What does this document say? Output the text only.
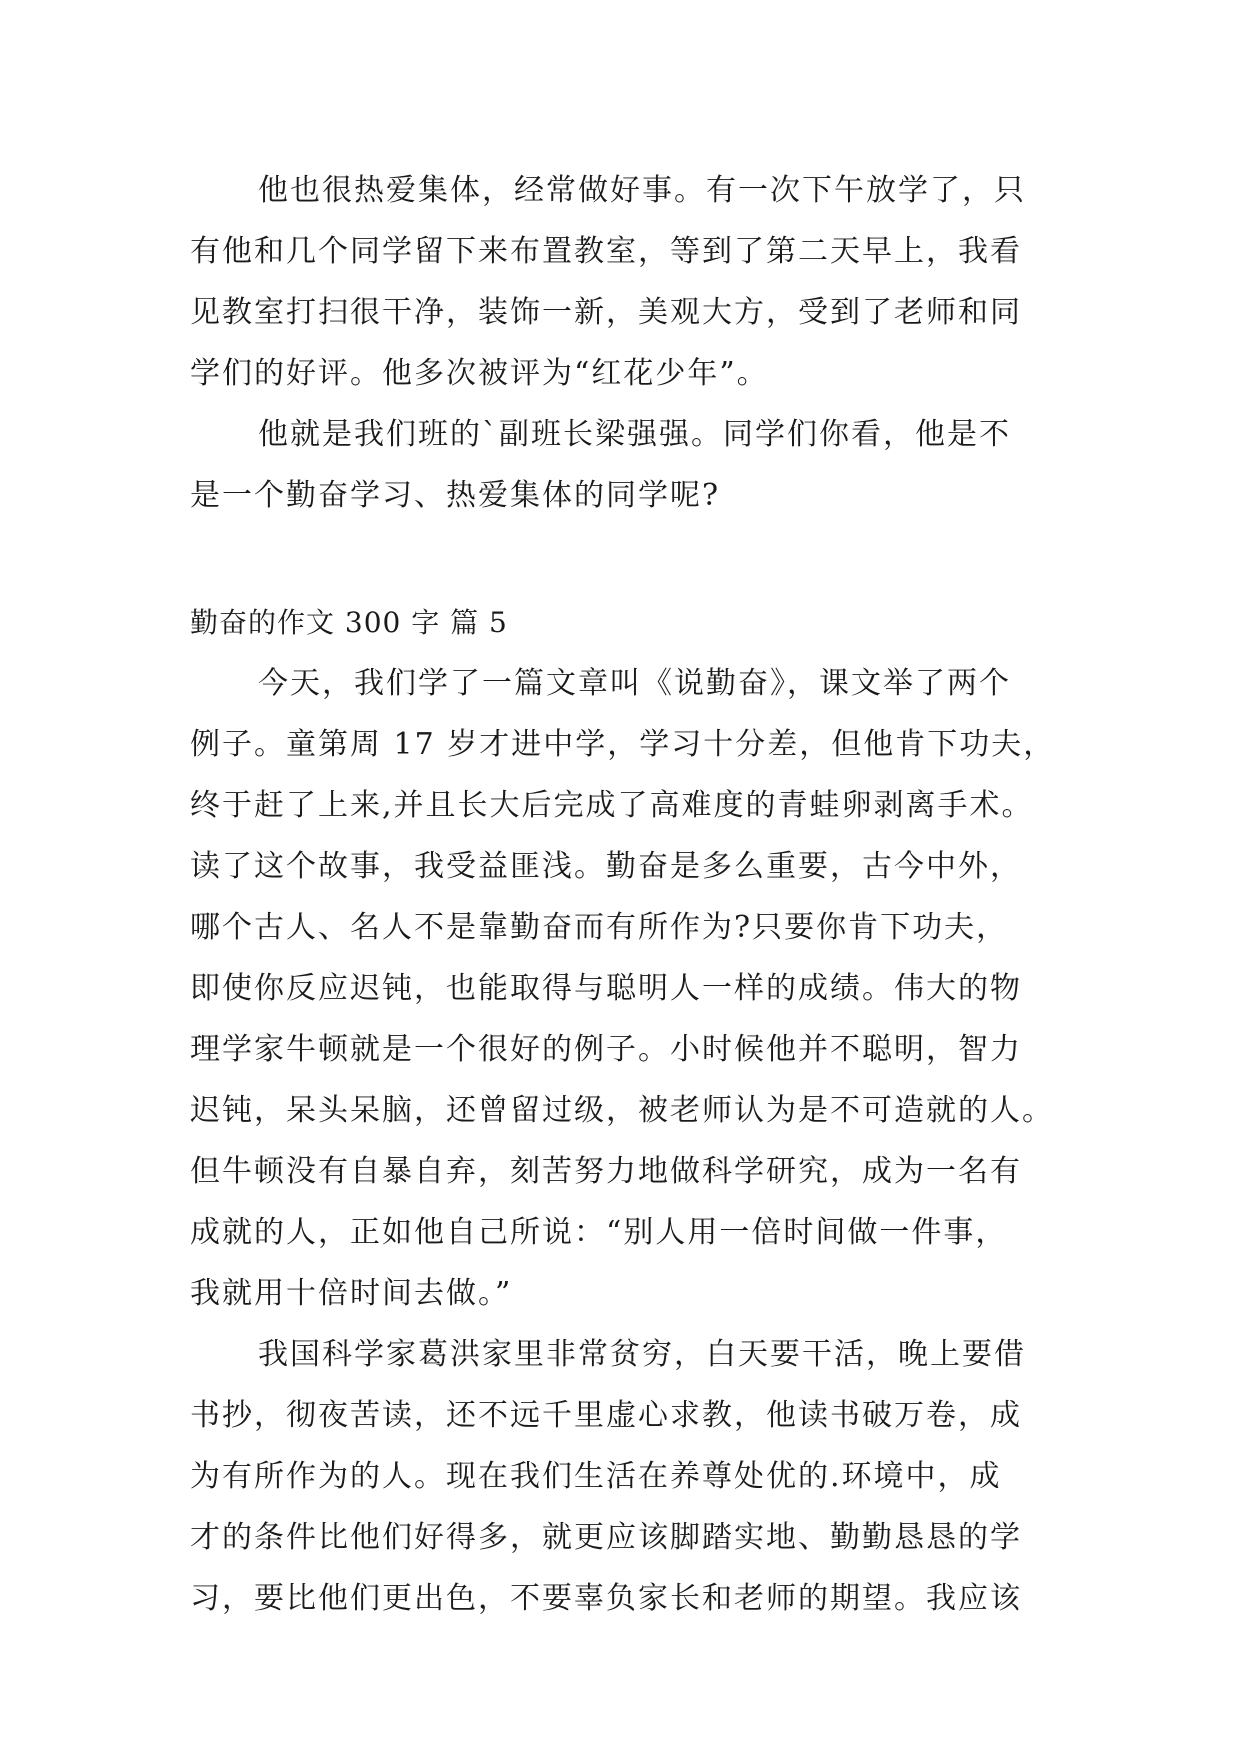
他也很热爱集体，经常做好事。有一次下午放学了，只
有他和几个同学留下来布置教室，等到了第二天早上，我看
见教室打扫很干净，装饰一新，美观大方，受到了老师和同
学们的好评。他多次被评为“红花少年”。
他就是我们班的`副班长梁强强。同学们你看，他是不
是一个勤奋学习、热爱集体的同学呢?
勤奋的作文 300 字 篇 5
今天，我们学了一篇文章叫《说勤奋》，课文举了两个
例子。童第周 17 岁才进中学，学习十分差，但他肯下功夫，
终于赶了上来,并且长大后完成了高难度的青蛙卵剥离手术。
读了这个故事，我受益匪浅。勤奋是多么重要，古今中外，
哪个古人、名人不是靠勤奋而有所作为?只要你肯下功夫，
即使你反应迟钝，也能取得与聪明人一样的成绩。伟大的物
理学家牛顿就是一个很好的例子。小时候他并不聪明，智力
迟钝，呆头呆脑，还曾留过级，被老师认为是不可造就的人。
但牛顿没有自暴自弃，刻苦努力地做科学研究，成为一名有
成就的人，正如他自己所说：“别人用一倍时间做一件事，
我就用十倍时间去做。”
我国科学家葛洪家里非常贫穷，白天要干活，晚上要借
书抄，彻夜苦读，还不远千里虚心求教，他读书破万卷，成
为有所作为的人。现在我们生活在养尊处优的.环境中，成
才的条件比他们好得多，就更应该脚踏实地、勤勤恳恳的学
习，要比他们更出色，不要辜负家长和老师的期望。我应该
